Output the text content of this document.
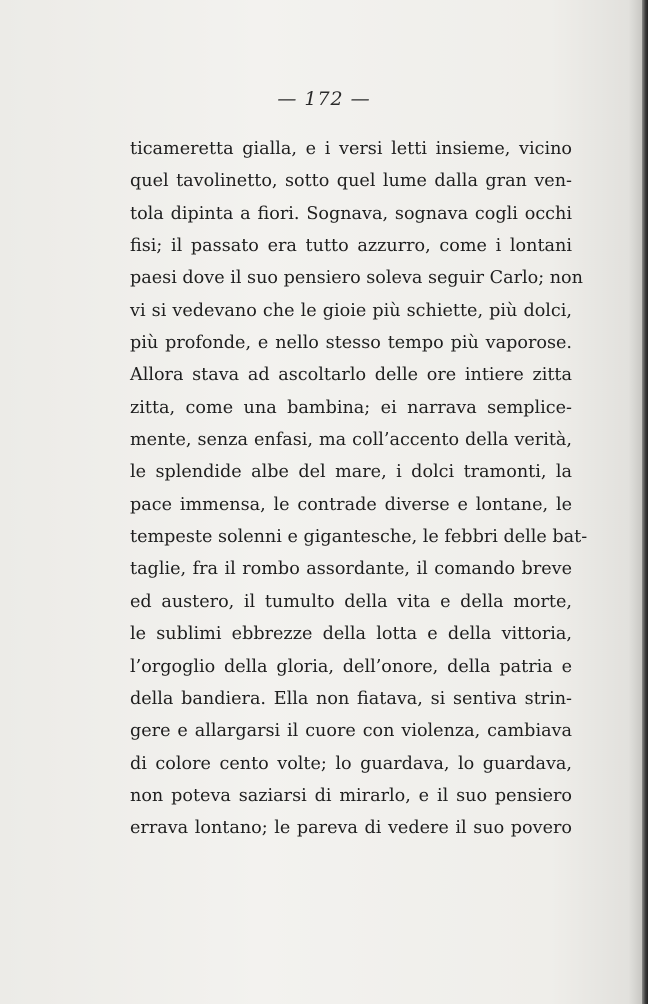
— 172 —
ticameretta gialla, e i versi letti insieme, vicino
quel tavolinetto, sotto quel lume dalla gran ven-
tola dipinta a fiori. Sognava, sognava cogli occhi
fisi; il passato era tutto azzurro, come i lontani
paesi dove il suo pensiero soleva seguir Carlo; non
vi si vedevano che le gioie più schiette, più dolci,
più profonde, e nello stesso tempo più vaporose.
Allora stava ad ascoltarlo delle ore intiere zitta
zitta, come una bambina; ei narrava semplice-
mente, senza enfasi, ma coll’accento della verità,
le splendide albe del mare, i dolci tramonti, la
pace immensa, le contrade diverse e lontane, le
tempeste solenni e gigantesche, le febbri delle bat-
taglie, fra il rombo assordante, il comando breve
ed austero, il tumulto della vita e della morte,
le sublimi ebbrezze della lotta e della vittoria,
l’orgoglio della gloria, dell’onore, della patria e
della bandiera. Ella non fiatava, si sentiva strin-
gere e allargarsi il cuore con violenza, cambiava
di colore cento volte; lo guardava, lo guardava,
non poteva saziarsi di mirarlo, e il suo pensiero
errava lontano; le pareva di vedere il suo povero
